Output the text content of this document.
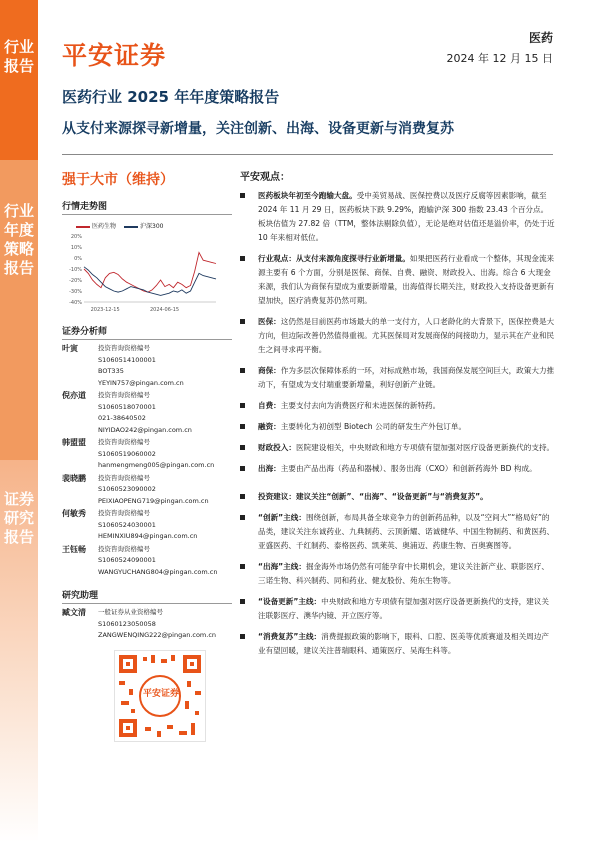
行业报告
行业年度策略报告
证券研究报告
平安证券
医药
2024 年 12 月 15 日
医药行业 2025 年年度策略报告
从支付来源探寻新增量，关注创新、出海、设备更新与消费复苏
强于大市（维持）
行情走势图
医药生物	沪深300
20%
10%
0%
-10%
-20%
-30%
-40%
2023-12-15	2024-06-15
证券分析师
叶寅	投资咨询资格编号
S1060514100001
BOT335
YEYIN757@pingan.com.cn
倪亦道	投资咨询资格编号
S1060518070001
021-38640502
NIYIDAO242@pingan.com.cn
韩盟盟	投资咨询资格编号
S1060519060002
hanmengmeng005@pingan.com.cn
裴晓鹏	投资咨询资格编号
S1060523090002
PEIXIAOPENG719@pingan.com.cn
何敏秀	投资咨询资格编号
S1060524030001
HEMINXIU894@pingan.com.cn
王钰畅	投资咨询资格编号
S1060524090001
WANGYUCHANG804@pingan.com.cn
研究助理
臧文清	一般证券从业资格编号
S1060123050058
ZANGWENQING222@pingan.com.cn
平安证券
平安观点：
医药板块年初至今跑输大盘。受中美贸易战、医保控费以及医疗反腐等因素影响，截至 2024 年 11 月 29 日，医药板块下跌 9.29%，跑输沪深 300 指数 23.43 个百分点。板块估值为 27.82 倍（TTM，整体法剔除负值），无论是绝对估值还是溢价率，仍处于近 10 年来相对低位。
行业观点：从支付来源角度探寻行业新增量。如果把医药行业看成一个整体，其现金流来源主要有 6 个方面，分别是医保、商保、自费、融资、财政投入、出海。综合 6 大现金来源，我们认为商保有望成为重要新增量，出海值得长期关注，财政投入支持设备更新有望加快，医疗消费复苏仍然可期。
医保：这仍然是目前医药市场最大的单一支付方，人口老龄化的大背景下，医保控费是大方向，但边际改善仍然值得重视。尤其医保局对发展商保的间接助力，显示其在产业和民生之间寻求再平衡。
商保：作为多层次保障体系的一环，对标成熟市场，我国商保发展空间巨大，政策大力推动下，有望成为支付端重要新增量，利好创新产业链。
自费：主要支付去向为消费医疗和未进医保的新特药。
融资：主要转化为初创型 Biotech 公司的研发生产外包订单。
财政投入：医院建设相关，中央财政和地方专项债有望加强对医疗设备更新换代的支持。
出海：主要由产品出海（药品和器械）、服务出海（CXO）和创新药海外 BD 构成。
投资建议：建议关注“创新”、“出海”、“设备更新”与“消费复苏”。
“创新”主线：围绕创新，布局具备全球竞争力的创新药品种，以及“空间大”“格局好”的品类，建议关注东诚药业、九典制药、云顶新耀、诺诚健华、中国生物制药、和黄医药、亚盛医药、千红制药、泰格医药、凯莱英、奥浦迈、药康生物、百奥赛图等。
“出海”主线：掘金海外市场仍然有可能孕育中长期机会，建议关注新产业、联影医疗、三诺生物、科兴制药、同和药业、健友股份、苑东生物等。
“设备更新”主线：中央财政和地方专项债有望加强对医疗设备更新换代的支持，建议关注联影医疗、澳华内镜、开立医疗等。
“消费复苏”主线：消费提振政策的影响下，眼科、口腔、医美等优质赛道及相关周边产业有望回暖，建议关注普瑞眼科、通策医疗、吴海生科等。
